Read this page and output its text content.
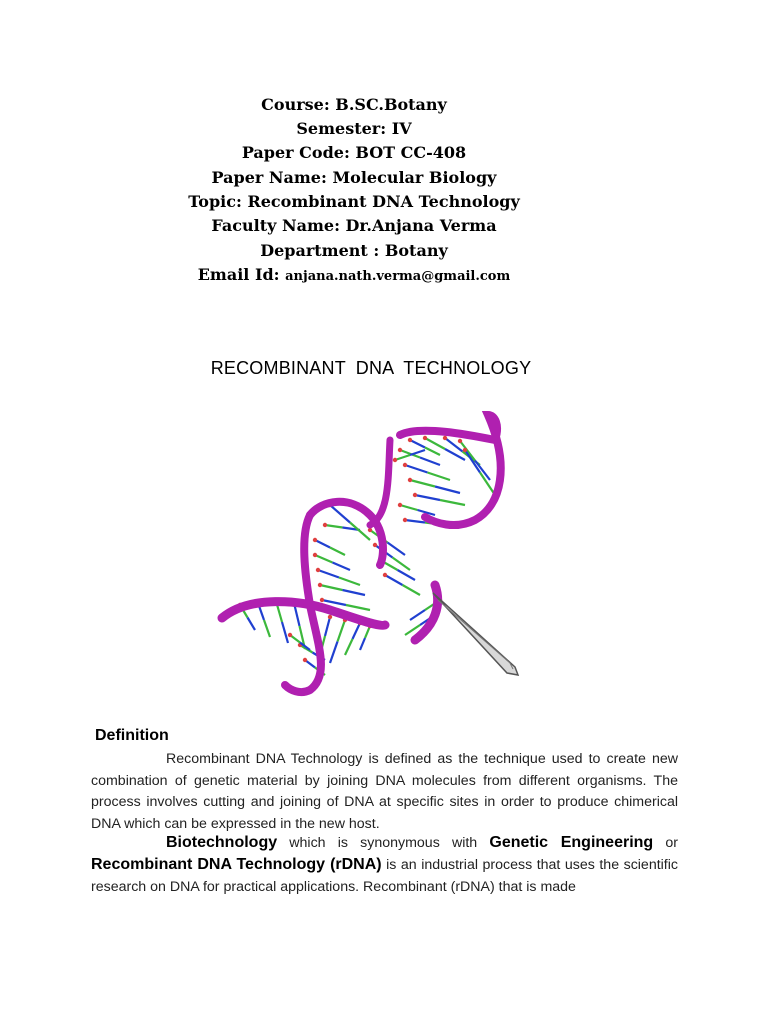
Course: B.SC.Botany
Semester: IV
Paper Code: BOT CC-408
Paper Name: Molecular Biology
Topic: Recombinant DNA Technology
Faculty Name: Dr.Anjana Verma
Department : Botany
Email Id: anjana.nath.verma@gmail.com
RECOMBINANT DNA TECHNOLOGY
Definition
Recombinant DNA Technology is defined as the technique used to create new combination of genetic material by joining DNA molecules from different organisms. The process involves cutting and joining of DNA at specific sites in order to produce chimerical DNA which can be expressed in the new host.
Biotechnology which is synonymous with Genetic Engineering or Recombinant DNA Technology (rDNA) is an industrial process that uses the scientific research on DNA for practical applications. Recombinant (rDNA) that is made
